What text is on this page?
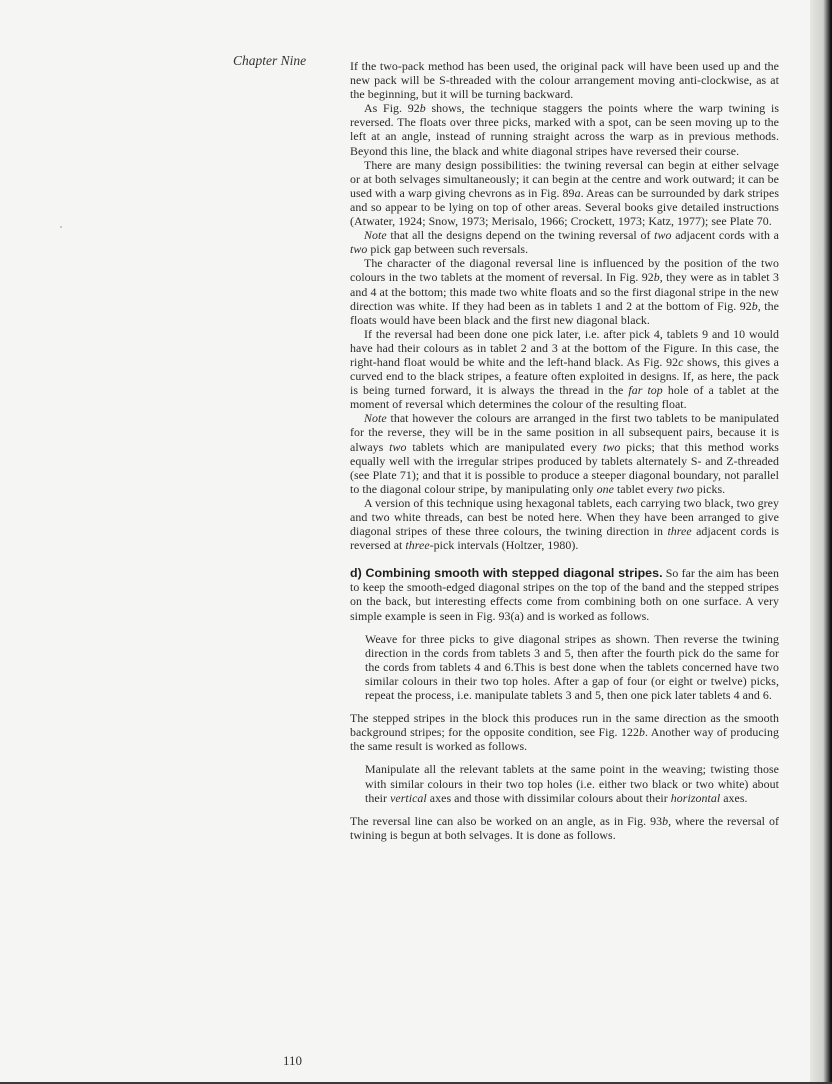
Chapter Nine	If the two-pack method has been used, the original pack will have been used up and the new pack will be S-threaded with the colour arrangement moving anti-clockwise, as at the beginning, but it will be turning backward.

As Fig. 92b shows, the technique staggers the points where the warp twining is reversed. The floats over three picks, marked with a spot, can be seen moving up to the left at an angle, instead of running straight across the warp as in previous methods. Beyond this line, the black and white diagonal stripes have reversed their course.

There are many design possibilities: the twining reversal can begin at either selvage or at both selvages simultaneously; it can begin at the centre and work outward; it can be used with a warp giving chevrons as in Fig. 89a. Areas can be surrounded by dark stripes and so appear to be lying on top of other areas. Several books give detailed instructions (Atwater, 1924; Snow, 1973; Merisalo, 1966; Crockett, 1973; Katz, 1977); see Plate 70.

Note that all the designs depend on the twining reversal of two adjacent cords with a two pick gap between such reversals.

The character of the diagonal reversal line is influenced by the position of the two colours in the two tablets at the moment of reversal. In Fig. 92b, they were as in tablet 3 and 4 at the bottom; this made two white floats and so the first diagonal stripe in the new direction was white. If they had been as in tablets 1 and 2 at the bottom of Fig. 92b, the floats would have been black and the first new diagonal black.

If the reversal had been done one pick later, i.e. after pick 4, tablets 9 and 10 would have had their colours as in tablet 2 and 3 at the bottom of the Figure. In this case, the right-hand float would be white and the left-hand black. As Fig. 92c shows, this gives a curved end to the black stripes, a feature often exploited in designs. If, as here, the pack is being turned forward, it is always the thread in the far top hole of a tablet at the moment of reversal which determines the colour of the resulting float.

Note that however the colours are arranged in the first two tablets to be manipulated for the reverse, they will be in the same position in all subsequent pairs, because it is always two tablets which are manipulated every two picks; that this method works equally well with the irregular stripes produced by tablets alternately S- and Z-threaded (see Plate 71); and that it is possible to produce a steeper diagonal boundary, not parallel to the diagonal colour stripe, by manipulating only one tablet every two picks.

A version of this technique using hexagonal tablets, each carrying two black, two grey and two white threads, can best be noted here. When they have been arranged to give diagonal stripes of these three colours, the twining direction in three adjacent cords is reversed at three-pick intervals (Holtzer, 1980).

d) Combining smooth with stepped diagonal stripes. So far the aim has been to keep the smooth-edged diagonal stripes on the top of the band and the stepped stripes on the back, but interesting effects come from combining both on one surface. A very simple example is seen in Fig. 93(a) and is worked as follows.

Weave for three picks to give diagonal stripes as shown. Then reverse the twining direction in the cords from tablets 3 and 5, then after the fourth pick do the same for the cords from tablets 4 and 6.This is best done when the tablets concerned have two similar colours in their two top holes. After a gap of four (or eight or twelve) picks, repeat the process, i.e. manipulate tablets 3 and 5, then one pick later tablets 4 and 6.

The stepped stripes in the block this produces run in the same direction as the smooth background stripes; for the opposite condition, see Fig. 122b. Another way of producing the same result is worked as follows.

Manipulate all the relevant tablets at the same point in the weaving; twisting those with similar colours in their two top holes (i.e. either two black or two white) about their vertical axes and those with dissimilar colours about their horizontal axes.

The reversal line can also be worked on an angle, as in Fig. 93b, where the reversal of twining is begun at both selvages. It is done as follows.

110
